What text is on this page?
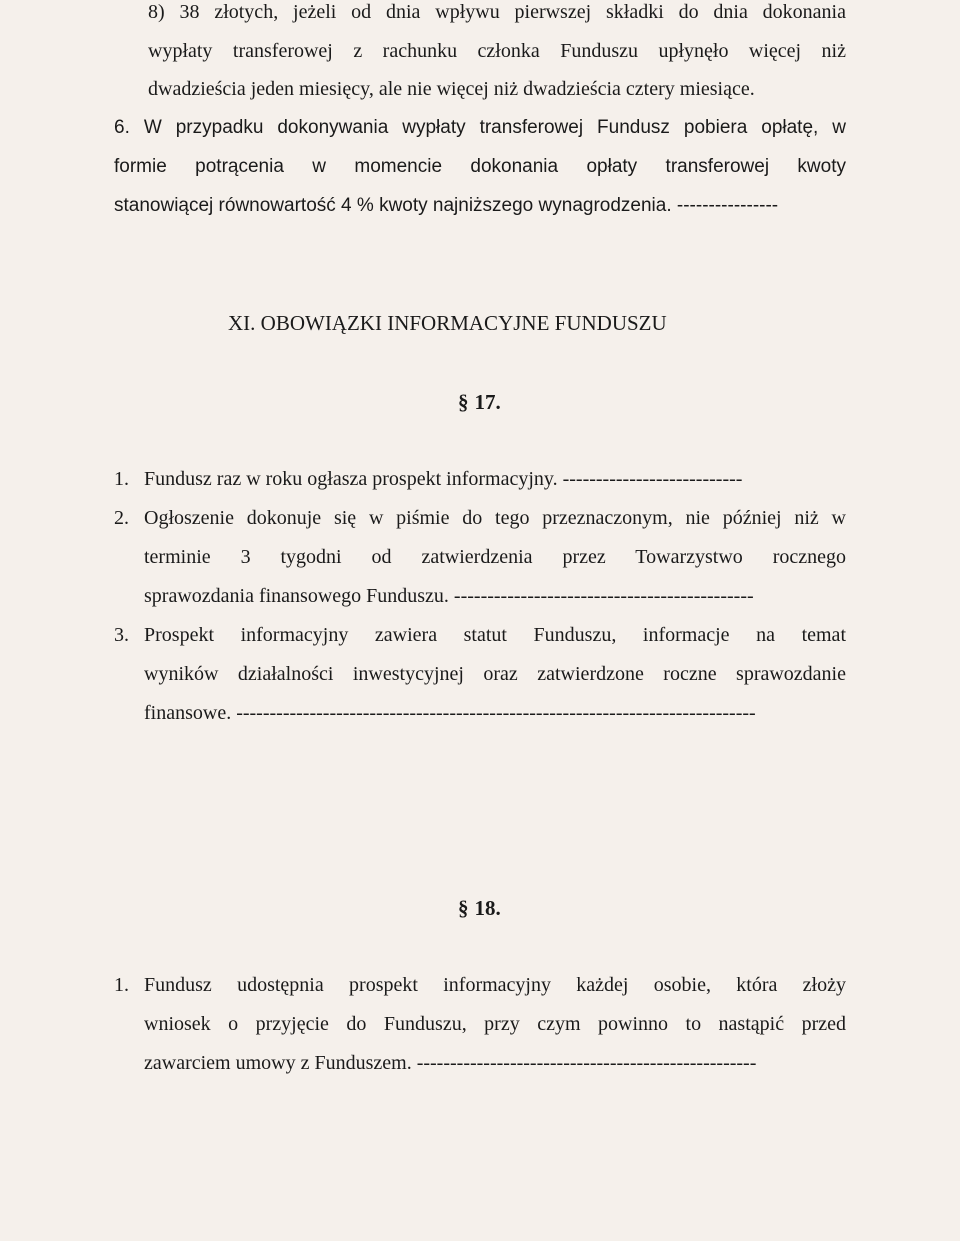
8) 38 złotych, jeżeli od dnia wpływu pierwszej składki do dnia dokonania
wypłaty transferowej z rachunku członka Funduszu upłynęło więcej niż
dwadzieścia jeden miesięcy, ale nie więcej niż dwadzieścia cztery miesiące.
6. W przypadku dokonywania wypłaty transferowej Fundusz pobiera opłatę, w
formie potrącenia w momencie dokonania opłaty transferowej kwoty
stanowiącej równowartość 4 % kwoty najniższego wynagrodzenia. ----------------
XI. OBOWIĄZKI INFORMACYJNE FUNDUSZU
§ 17.
1. Fundusz raz w roku ogłasza prospekt informacyjny. ---------------------------
2. Ogłoszenie dokonuje się w piśmie do tego przeznaczonym, nie później niż w
terminie 3 tygodni od zatwierdzenia przez Towarzystwo rocznego
sprawozdania finansowego Funduszu. ---------------------------------------------
3. Prospekt informacyjny zawiera statut Funduszu, informacje na temat
wyników działalności inwestycyjnej oraz zatwierdzone roczne sprawozdanie
finansowe. ------------------------------------------------------------------------------
§ 18.
1. Fundusz udostępnia prospekt informacyjny każdej osobie, która złoży
wniosek o przyjęcie do Funduszu, przy czym powinno to nastąpić przed
zawarciem umowy z Funduszem. ---------------------------------------------------
